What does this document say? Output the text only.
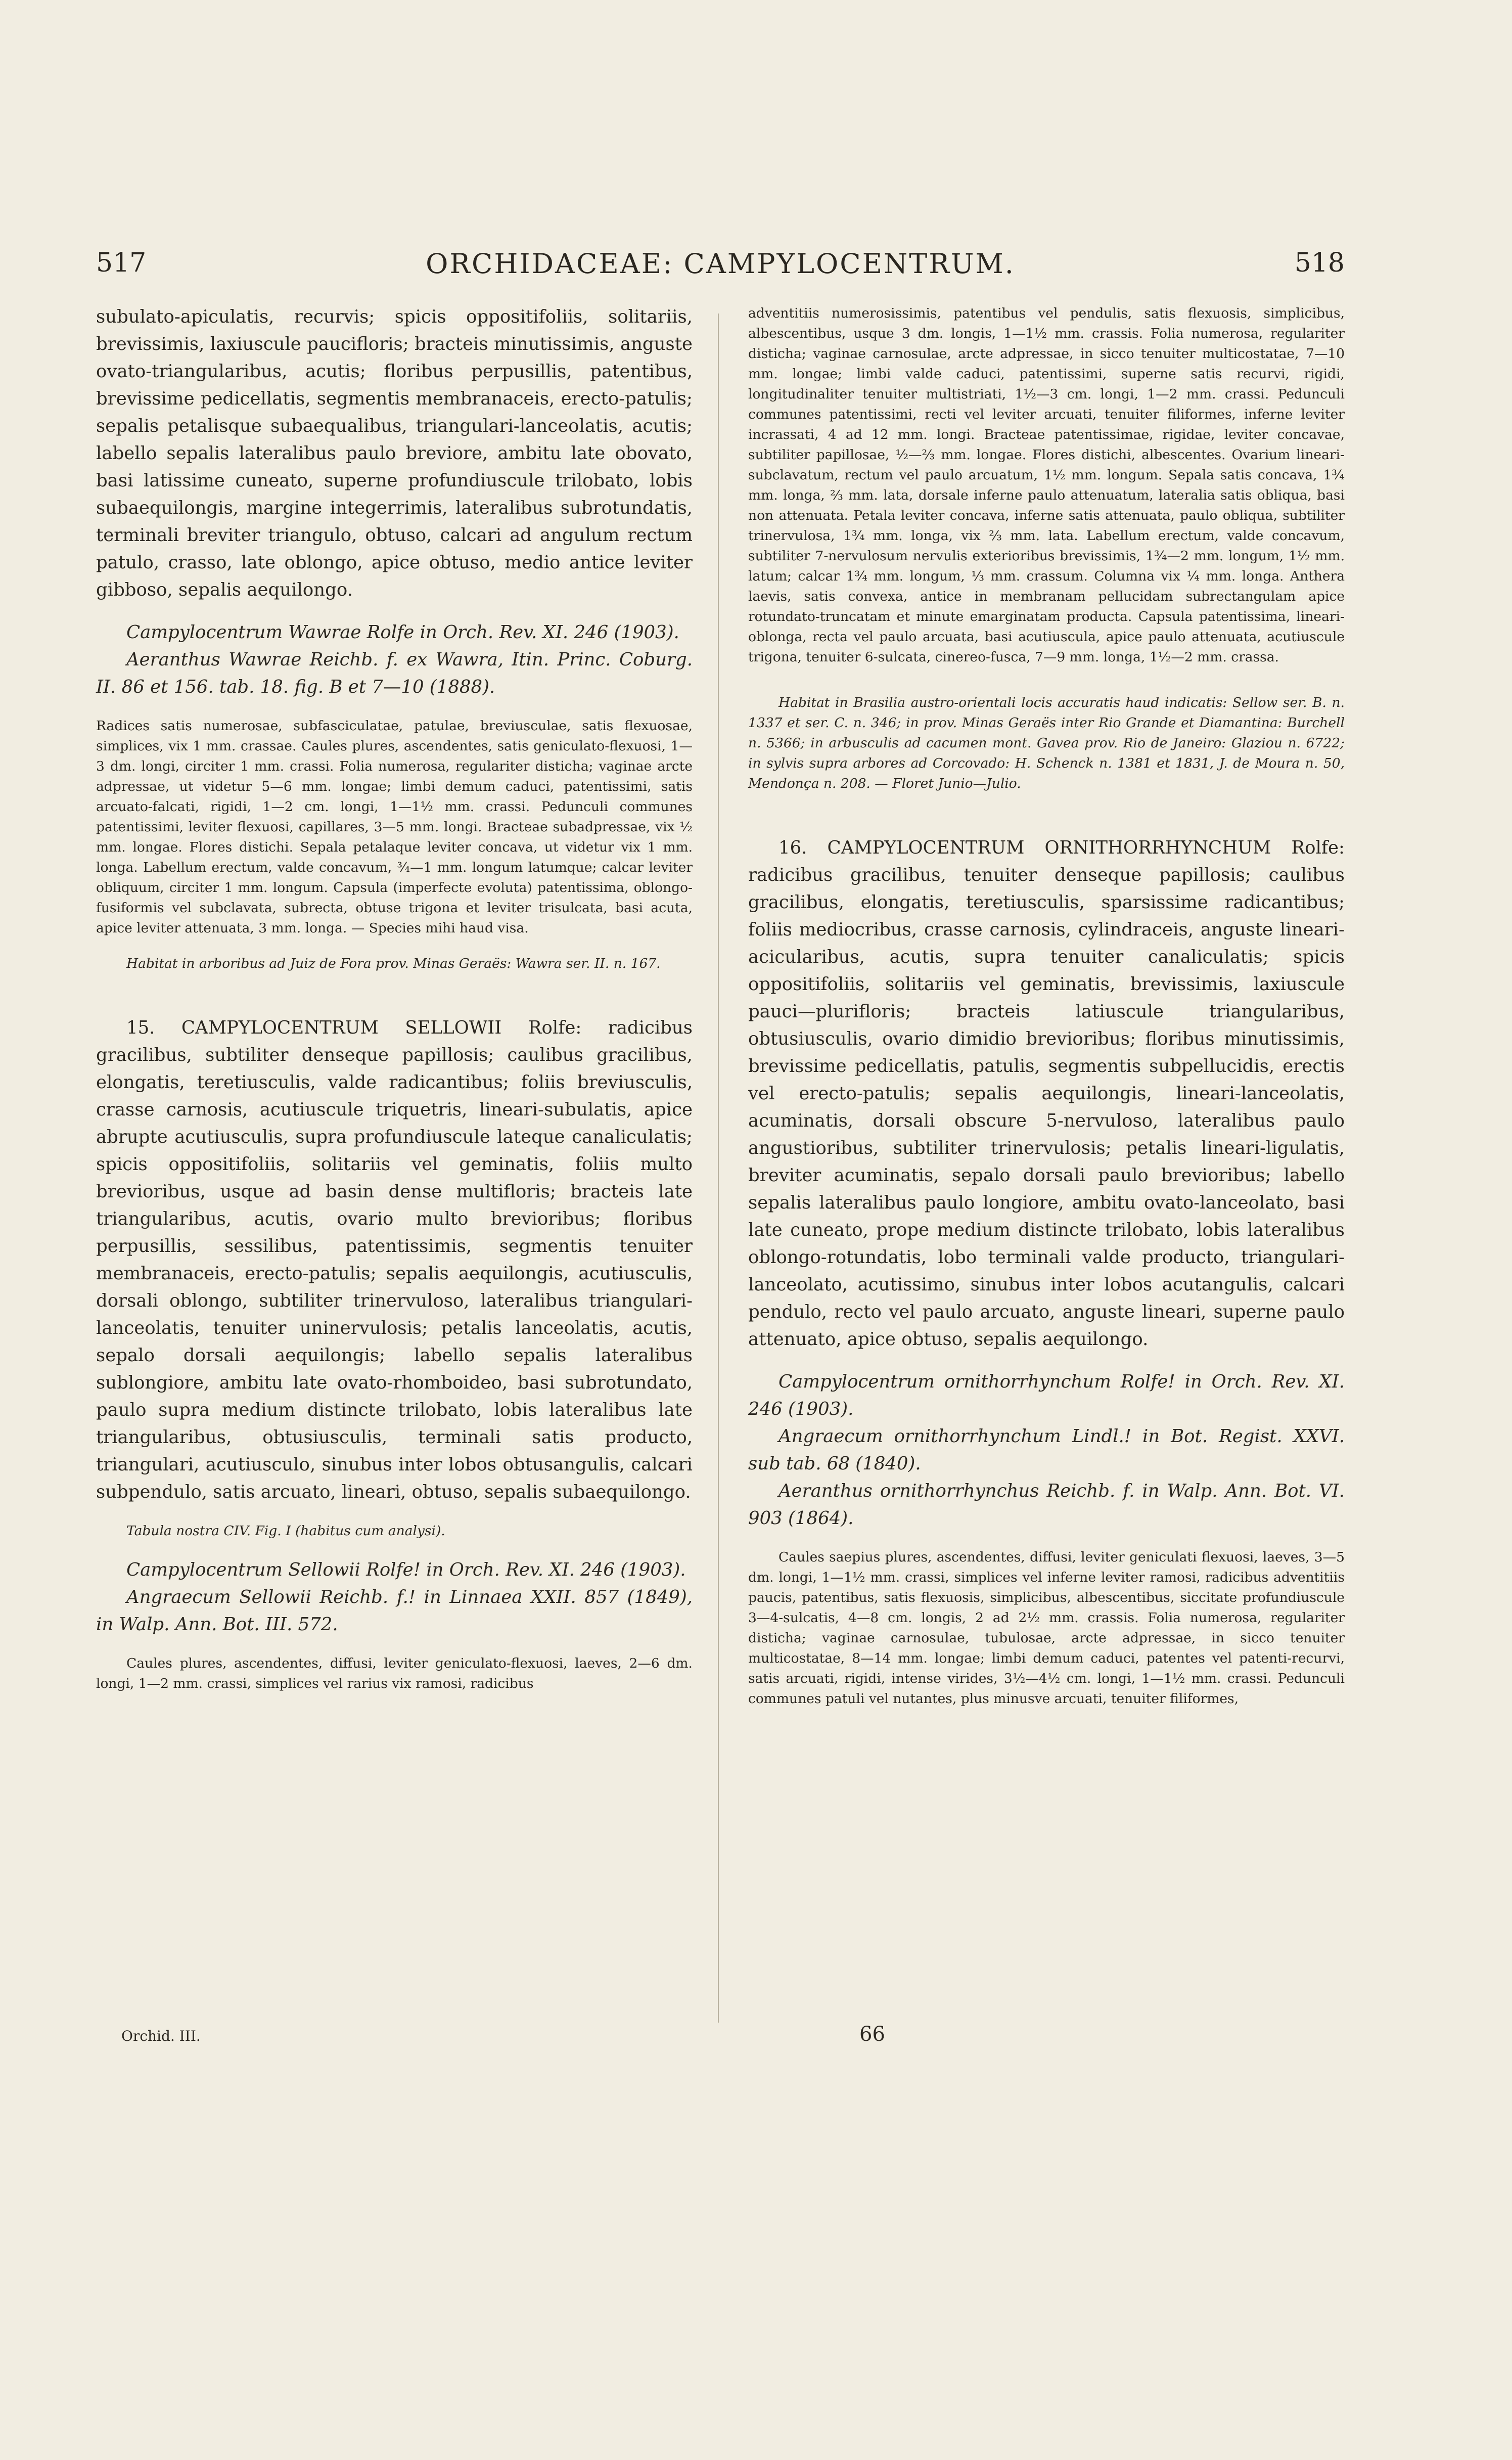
517	ORCHIDACEAE: CAMPYLOCENTRUM.	518

subulato-apiculatis, recurvis; spicis oppositifoliis, solitariis, brevissimis, laxiuscule paucifloris; bracteis minutissimis, anguste ovato-triangularibus, acutis; floribus perpusillis, patentibus, brevissime pedicellatis, segmentis membranaceis, erecto-patulis; sepalis petalisque subaequalibus, triangulari-lanceolatis, acutis; labello sepalis lateralibus paulo breviore, ambitu late obovato, basi latissime cuneato, superne profundiuscule trilobato, lobis subaequilongis, margine integerrimis, lateralibus subrotundatis, terminali breviter triangulo, obtuso, calcari ad angulum rectum patulo, crasso, late oblongo, apice obtuso, medio antice leviter gibboso, sepalis aequilongo.

Campylocentrum Wawrae Rolfe in Orch. Rev. XI. 246 (1903).

Aeranthus Wawrae Reichb. f. ex Wawra, Itin. Princ. Coburg. II. 86 et 156. tab. 18. fig. B et 7—10 (1888).

Radices satis numerosae, subfasciculatae, patulae, breviusculae, satis flexuosae, simplices, vix 1 mm. crassae. Caules plures, ascendentes, satis geniculato-flexuosi, 1—3 dm. longi, circiter 1 mm. crassi. Folia numerosa, regulariter disticha; vaginae arcte adpressae, ut videtur 5—6 mm. longae; limbi demum caduci, patentissimi, satis arcuato-falcati, rigidi, 1—2 cm. longi, 1—1½ mm. crassi. Pedunculi communes patentissimi, leviter flexuosi, capillares, 3—5 mm. longi. Bracteae subadpressae, vix ½ mm. longae. Flores distichi. Sepala petalaque leviter concava, ut videtur vix 1 mm. longa. Labellum erectum, valde concavum, ¾—1 mm. longum latumque; calcar leviter obliquum, circiter 1 mm. longum. Capsula (imperfecte evoluta) patentissima, oblongo-fusiformis vel subclavata, subrecta, obtuse trigona et leviter trisulcata, basi acuta, apice leviter attenuata, 3 mm. longa. — Species mihi haud visa.

Habitat in arboribus ad Juiz de Fora prov. Minas Geraës: Wawra ser. II. n. 167.

15. CAMPYLOCENTRUM SELLOWII Rolfe: radicibus gracilibus, subtiliter denseque papillosis; caulibus gracilibus, elongatis, teretiusculis, valde radicantibus; foliis breviusculis, crasse carnosis, acutiuscule triquetris, lineari-subulatis, apice abrupte acutiusculis, supra profundiuscule lateque canaliculatis; spicis oppositifoliis, solitariis vel geminatis, foliis multo brevioribus, usque ad basin dense multifloris; bracteis late triangularibus, acutis, ovario multo brevioribus; floribus perpusillis, sessilibus, patentissimis, segmentis tenuiter membranaceis, erecto-patulis; sepalis aequilongis, acutiusculis, dorsali oblongo, subtiliter trinervuloso, lateralibus triangulari-lanceolatis, tenuiter uninervulosis; petalis lanceolatis, acutis, sepalo dorsali aequilongis; labello sepalis lateralibus sublongiore, ambitu late ovato-rhomboideo, basi subrotundato, paulo supra medium distincte trilobato, lobis lateralibus late triangularibus, obtusiusculis, terminali satis producto, triangulari, acutiusculo, sinubus inter lobos obtusangulis, calcari subpendulo, satis arcuato, lineari, obtuso, sepalis subaequilongo.

Tabula nostra CIV. Fig. I (habitus cum analysi).

Campylocentrum Sellowii Rolfe! in Orch. Rev. XI. 246 (1903).

Angraecum Sellowii Reichb. f.! in Linnaea XXII. 857 (1849), in Walp. Ann. Bot. III. 572.

Caules plures, ascendentes, diffusi, leviter geniculato-flexuosi, laeves, 2—6 dm. longi, 1—2 mm. crassi, simplices vel rarius vix ramosi, radicibus

adventitiis numerosissimis, patentibus vel pendulis, satis flexuosis, simplicibus, albescentibus, usque 3 dm. longis, 1—1½ mm. crassis. Folia numerosa, regulariter disticha; vaginae carnosulae, arcte adpressae, in sicco tenuiter multicostatae, 7—10 mm. longae; limbi valde caduci, patentissimi, superne satis recurvi, rigidi, longitudinaliter tenuiter multistriati, 1½—3 cm. longi, 1—2 mm. crassi. Pedunculi communes patentissimi, recti vel leviter arcuati, tenuiter filiformes, inferne leviter incrassati, 4 ad 12 mm. longi. Bracteae patentissimae, rigidae, leviter concavae, subtiliter papillosae, ½—⅔ mm. longae. Flores distichi, albescentes. Ovarium lineari-subclavatum, rectum vel paulo arcuatum, 1½ mm. longum. Sepala satis concava, 1¾ mm. longa, ⅔ mm. lata, dorsale inferne paulo attenuatum, lateralia satis obliqua, basi non attenuata. Petala leviter concava, inferne satis attenuata, paulo obliqua, subtiliter trinervulosa, 1¾ mm. longa, vix ⅔ mm. lata. Labellum erectum, valde concavum, subtiliter 7-nervulosum nervulis exterioribus brevissimis, 1¾—2 mm. longum, 1½ mm. latum; calcar 1¾ mm. longum, ⅓ mm. crassum. Columna vix ¼ mm. longa. Anthera laevis, satis convexa, antice in membranam pellucidam subrectangulam apice rotundato-truncatam et minute emarginatam producta. Capsula patentissima, lineari-oblonga, recta vel paulo arcuata, basi acutiuscula, apice paulo attenuata, acutiuscule trigona, tenuiter 6-sulcata, cinereo-fusca, 7—9 mm. longa, 1½—2 mm. crassa.

Habitat in Brasilia austro-orientali locis accuratis haud indicatis: Sellow ser. B. n. 1337 et ser. C. n. 346; in prov. Minas Geraës inter Rio Grande et Diamantina: Burchell n. 5366; in arbusculis ad cacumen mont. Gavea prov. Rio de Janeiro: Glaziou n. 6722; in sylvis supra arbores ad Corcovado: H. Schenck n. 1381 et 1831, J. de Moura n. 50, Mendonça n. 208. — Floret Junio—Julio.

16. CAMPYLOCENTRUM ORNITHORRHYNCHUM Rolfe: radicibus gracilibus, tenuiter denseque papillosis; caulibus gracilibus, elongatis, teretiusculis, sparsissime radicantibus; foliis mediocribus, crasse carnosis, cylindraceis, anguste lineari-acicularibus, acutis, supra tenuiter canaliculatis; spicis oppositifoliis, solitariis vel geminatis, brevissimis, laxiuscule pauci—plurifloris; bracteis latiuscule triangularibus, obtusiusculis, ovario dimidio brevioribus; floribus minutissimis, brevissime pedicellatis, patulis, segmentis subpellucidis, erectis vel erecto-patulis; sepalis aequilongis, lineari-lanceolatis, acuminatis, dorsali obscure 5-nervuloso, lateralibus paulo angustioribus, subtiliter trinervulosis; petalis lineari-ligulatis, breviter acuminatis, sepalo dorsali paulo brevioribus; labello sepalis lateralibus paulo longiore, ambitu ovato-lanceolato, basi late cuneato, prope medium distincte trilobato, lobis lateralibus oblongo-rotundatis, lobo terminali valde producto, triangulari-lanceolato, acutissimo, sinubus inter lobos acutangulis, calcari pendulo, recto vel paulo arcuato, anguste lineari, superne paulo attenuato, apice obtuso, sepalis aequilongo.

Campylocentrum ornithorrhynchum Rolfe! in Orch. Rev. XI. 246 (1903).

Angraecum ornithorrhynchum Lindl.! in Bot. Regist. XXVI. sub tab. 68 (1840).

Aeranthus ornithorrhynchus Reichb. f. in Walp. Ann. Bot. VI. 903 (1864).

Caules saepius plures, ascendentes, diffusi, leviter geniculati flexuosi, laeves, 3—5 dm. longi, 1—1½ mm. crassi, simplices vel inferne leviter ramosi, radicibus adventitiis paucis, patentibus, satis flexuosis, simplicibus, albescentibus, siccitate profundiuscule 3—4-sulcatis, 4—8 cm. longis, 2 ad 2½ mm. crassis. Folia numerosa, regulariter disticha; vaginae carnosulae, tubulosae, arcte adpressae, in sicco tenuiter multicostatae, 8—14 mm. longae; limbi demum caduci, patentes vel patenti-recurvi, satis arcuati, rigidi, intense virides, 3½—4½ cm. longi, 1—1½ mm. crassi. Pedunculi communes patuli vel nutantes, plus minusve arcuati, tenuiter filiformes,

Orchid. III.	66
